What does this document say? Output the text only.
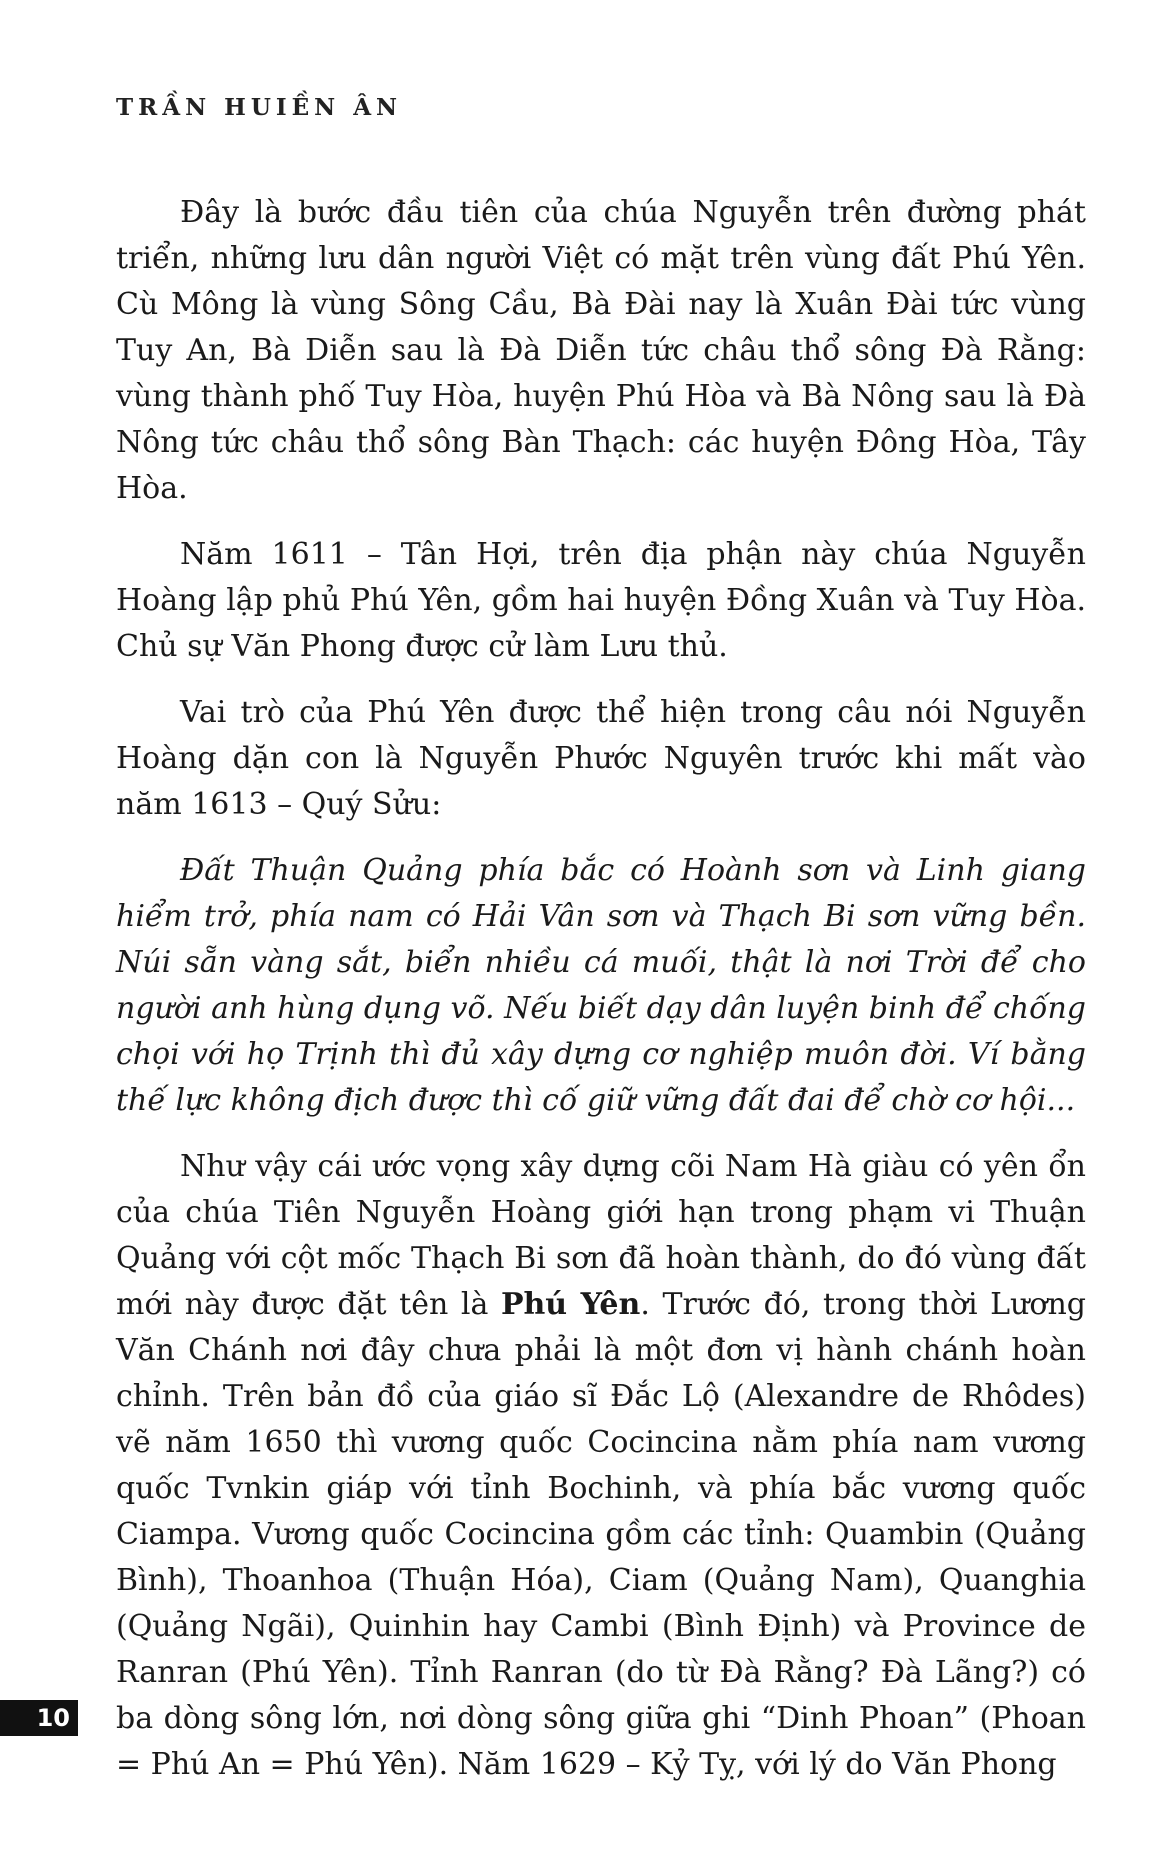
TRẦN HUIỀN ÂN

Đây là bước đầu tiên của chúa Nguyễn trên đường phát triển, những lưu dân người Việt có mặt trên vùng đất Phú Yên. Cù Mông là vùng Sông Cầu, Bà Đài nay là Xuân Đài tức vùng Tuy An, Bà Diễn sau là Đà Diễn tức châu thổ sông Đà Rằng: vùng thành phố Tuy Hòa, huyện Phú Hòa và Bà Nông sau là Đà Nông tức châu thổ sông Bàn Thạch: các huyện Đông Hòa, Tây Hòa.

Năm 1611 – Tân Hợi, trên địa phận này chúa Nguyễn Hoàng lập phủ Phú Yên, gồm hai huyện Đồng Xuân và Tuy Hòa. Chủ sự Văn Phong được cử làm Lưu thủ.

Vai trò của Phú Yên được thể hiện trong câu nói Nguyễn Hoàng dặn con là Nguyễn Phước Nguyên trước khi mất vào năm 1613 – Quý Sửu:

Đất Thuận Quảng phía bắc có Hoành sơn và Linh giang hiểm trở, phía nam có Hải Vân sơn và Thạch Bi sơn vững bền. Núi sẵn vàng sắt, biển nhiều cá muối, thật là nơi Trời để cho người anh hùng dụng võ. Nếu biết dạy dân luyện binh để chống chọi với họ Trịnh thì đủ xây dựng cơ nghiệp muôn đời. Ví bằng thế lực không địch được thì cố giữ vững đất đai để chờ cơ hội...

Như vậy cái ước vọng xây dựng cõi Nam Hà giàu có yên ổn của chúa Tiên Nguyễn Hoàng giới hạn trong phạm vi Thuận Quảng với cột mốc Thạch Bi sơn đã hoàn thành, do đó vùng đất mới này được đặt tên là Phú Yên. Trước đó, trong thời Lương Văn Chánh nơi đây chưa phải là một đơn vị hành chánh hoàn chỉnh. Trên bản đồ của giáo sĩ Đắc Lộ (Alexandre de Rhôdes) vẽ năm 1650 thì vương quốc Cocincina nằm phía nam vương quốc Tvnkin giáp với tỉnh Bochinh, và phía bắc vương quốc Ciampa. Vương quốc Cocincina gồm các tỉnh: Quambin (Quảng Bình), Thoanhoa (Thuận Hóa), Ciam (Quảng Nam), Quanghia (Quảng Ngãi), Quinhin hay Cambi (Bình Định) và Province de Ranran (Phú Yên). Tỉnh Ranran (do từ Đà Rằng? Đà Lãng?) có ba dòng sông lớn, nơi dòng sông giữa ghi “Dinh Phoan” (Phoan = Phú An = Phú Yên). Năm 1629 – Kỷ Tỵ, với lý do Văn Phong

10
